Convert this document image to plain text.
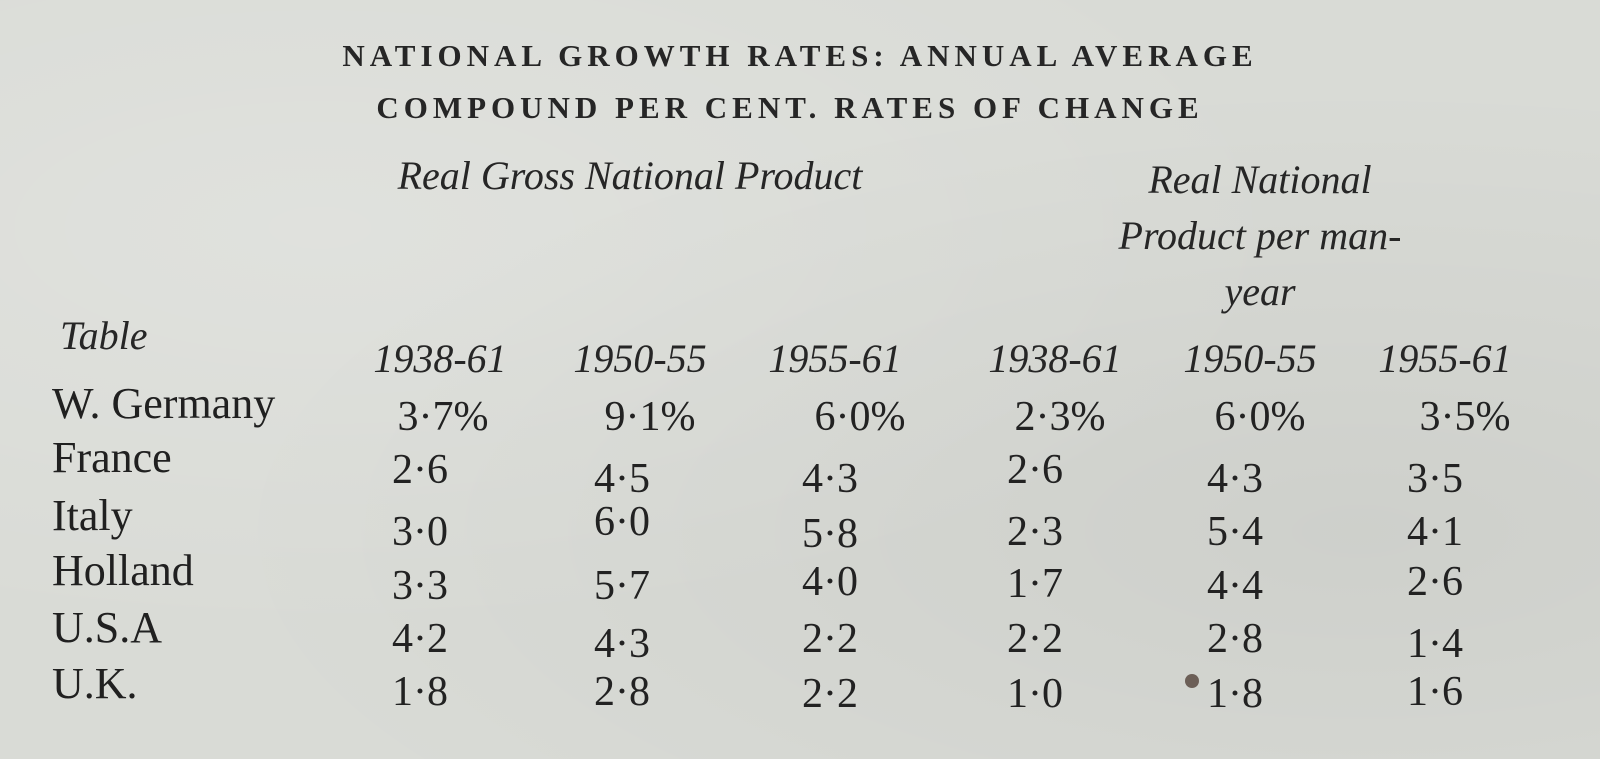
NATIONAL GROWTH RATES: ANNUAL AVERAGE
COMPOUND PER CENT. RATES OF CHANGE
Real Gross National Product	Real National
Product per man-
year
Table
1938-61	1950-55	1955-61	1938-61	1950-55	1955-61
W. Germany	3·7%	9·1%	6·0%	2·3%	6·0%	3·5%
France	2·6	4·5	4·3	2·6	4·3	3·5
Italy	3·0	6·0	5·8	2·3	5·4	4·1
Holland	3·3	5·7	4·0	1·7	4·4	2·6
U.S.A	4·2	4·3	2·2	2·2	2·8	1·4
U.K.	1·8	2·8	2·2	1·0	1·8	1·6
